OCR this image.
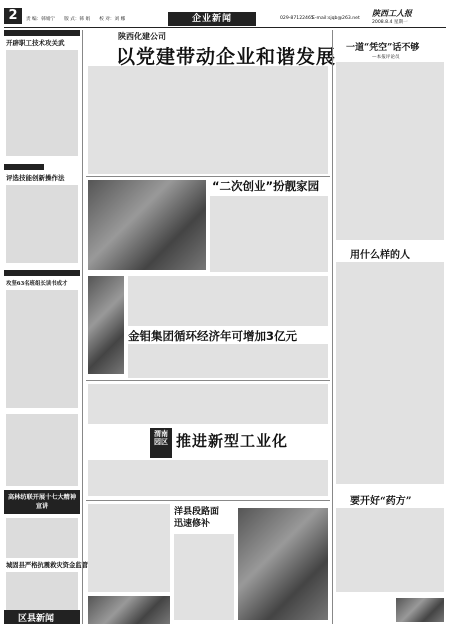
2	责 编：韩娟宁　　版 式：韩 娟　　校 对：刘 娜	企业新闻	029-87122465
E-mail:sjqb@263.net
陕西工人报
2008.8.4 星期一
开辟职工技术攻关武
评选技能创新操作法
攻坚63名班组长读书成才
高林纺联开展十七大精神宣讲
城固县严格抗震救灾资金监管
区县新闻
陕西化建公司
以党建带动企业和谐发展 一道“凭空”话不够
—本报评论员
用什么样的人
要开好“药方”
“二次创业”扮靓家园
金钼集团循环经济年可增加3亿元
渭南园区 推进新型工业化
洋县段路面　迅速修补
